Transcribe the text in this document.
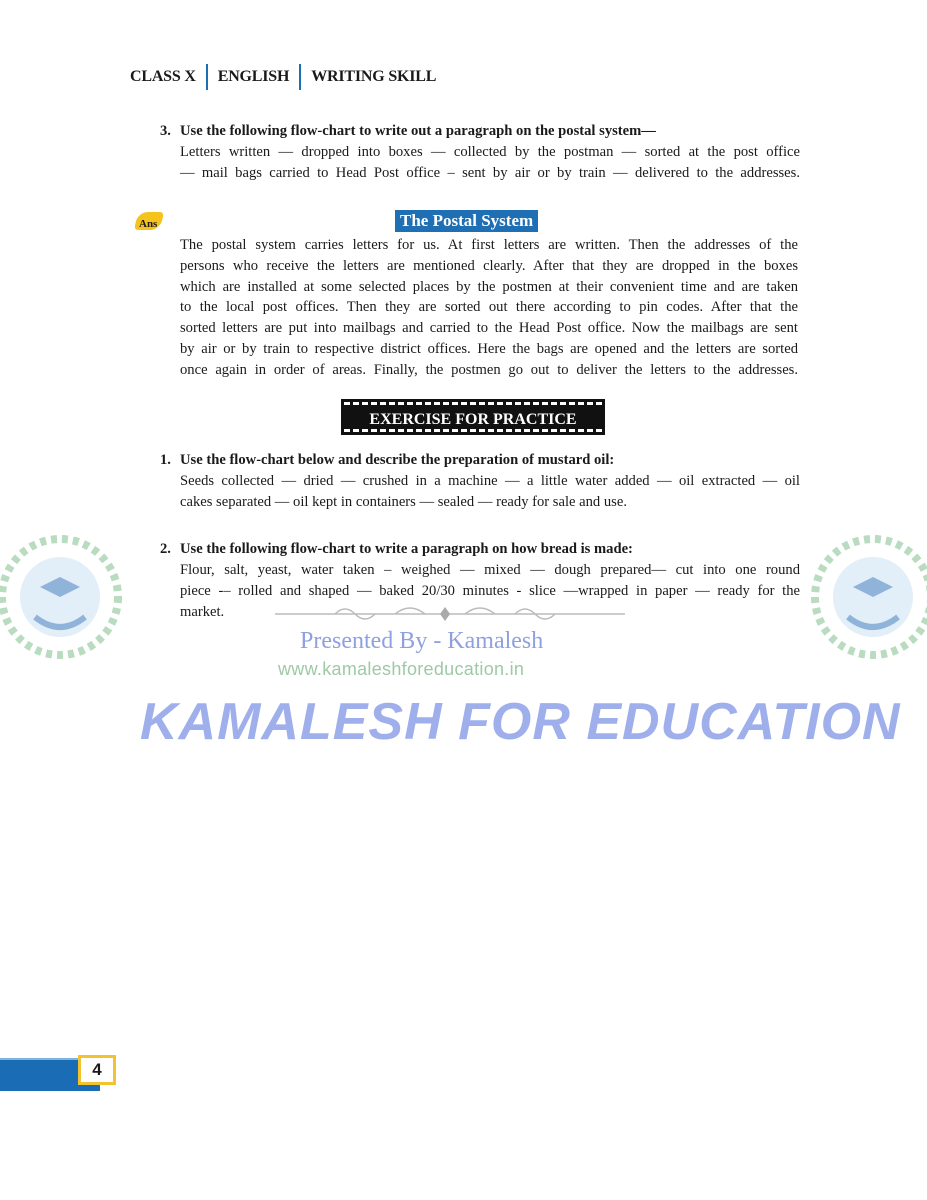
CLASS X ENGLISH WRITING SKILL
3. Use the following flow-chart to write out a paragraph on the postal system—
Letters written — dropped into boxes — collected by the postman — sorted at the post office
— mail bags carried to Head Post office – sent by air or by train — delivered to the addresses.
Ans	The Postal System
The postal system carries letters for us. At first letters are written. Then the addresses of the
persons who receive the letters are mentioned clearly. After that they are dropped in the boxes
which are installed at some selected places by the postmen at their convenient time and are taken
to the local post offices. Then they are sorted out there according to pin codes. After that the
sorted letters are put into mailbags and carried to the Head Post office. Now the mailbags are sent
by air or by train to respective district offices. Here the bags are opened and the letters are sorted
once again in order of areas. Finally, the postmen go out to deliver the letters to the addresses.
EXERCISE FOR PRACTICE
1. Use the flow-chart below and describe the preparation of mustard oil:
Seeds collected — dried — crushed in a machine — a little water added — oil extracted — oil
cakes separated — oil kept in containers — sealed — ready for sale and use.
2. Use the following flow-chart to write a paragraph on how bread is made:
Flour, salt, yeast, water taken – weighed — mixed — dough prepared— cut into one round
piece -– rolled and shaped — baked 20/30 minutes - slice —wrapped in paper — ready for the
market.
Presented By - Kamalesh
www.kamaleshforeducation.in
KAMALESH FOR EDUCATION
4
